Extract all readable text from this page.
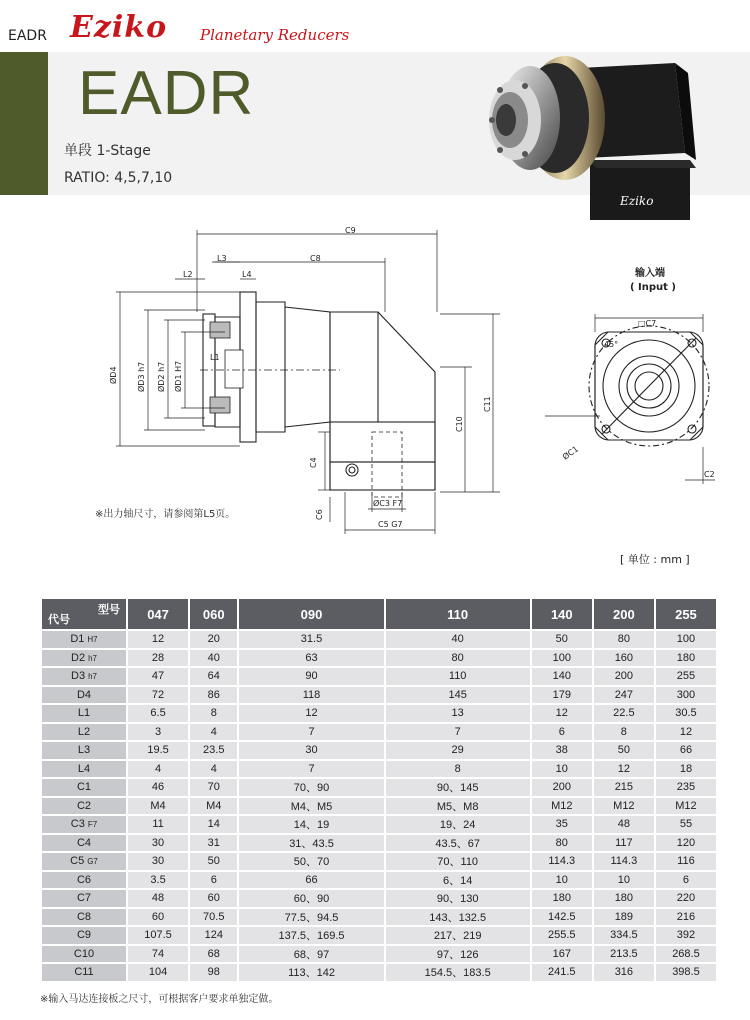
EADR Eziko Planetary Reducers
EADR
单段 1-Stage
RATIO: 4,5,7,10
Eziko
C9
C8
L3
L2	L4
L1
ØD4 ØD3 h7 ØD2 h7 ØD1 H7
C11
C10
C4
C6
ØC3 F7
C5 G7
输入端
( Input )
□C7
45°
ØC1
C2
※出力轴尺寸，请参阅第L5页。
[ 单位 : mm ]
型号
代号	047	060	090	110	140	200	255
D1 H7	12	20	31.5	40	50	80	100
D2 h7	28	40	63	80	100	160	180
D3 h7	47	64	90	110	140	200	255
D4	72	86	118	145	179	247	300
L1	6.5	8	12	13	12	22.5	30.5
L2	3	4	7	7	6	8	12
L3	19.5	23.5	30	29	38	50	66
L4	4	4	7	8	10	12	18
C1	46	70	70、90	90、145	200	215	235
C2	M4	M4	M4、M5	M5、M8	M12	M12	M12
C3 F7	11	14	14、19	19、24	35	48	55
C4	30	31	31、43.5	43.5、67	80	117	120
C5 G7	30	50	50、70	70、110	114.3	114.3	116
C6	3.5	6	66	6、14	10	10	6
C7	48	60	60、90	90、130	180	180	220
C8	60	70.5	77.5、94.5	143、132.5	142.5	189	216
C9	107.5	124	137.5、169.5	217、219	255.5	334.5	392
C10	74	68	68、97	97、126	167	213.5	268.5
C11	104	98	113、142	154.5、183.5	241.5	316	398.5
※输入马达连接板之尺寸，可根据客户要求单独定做。
